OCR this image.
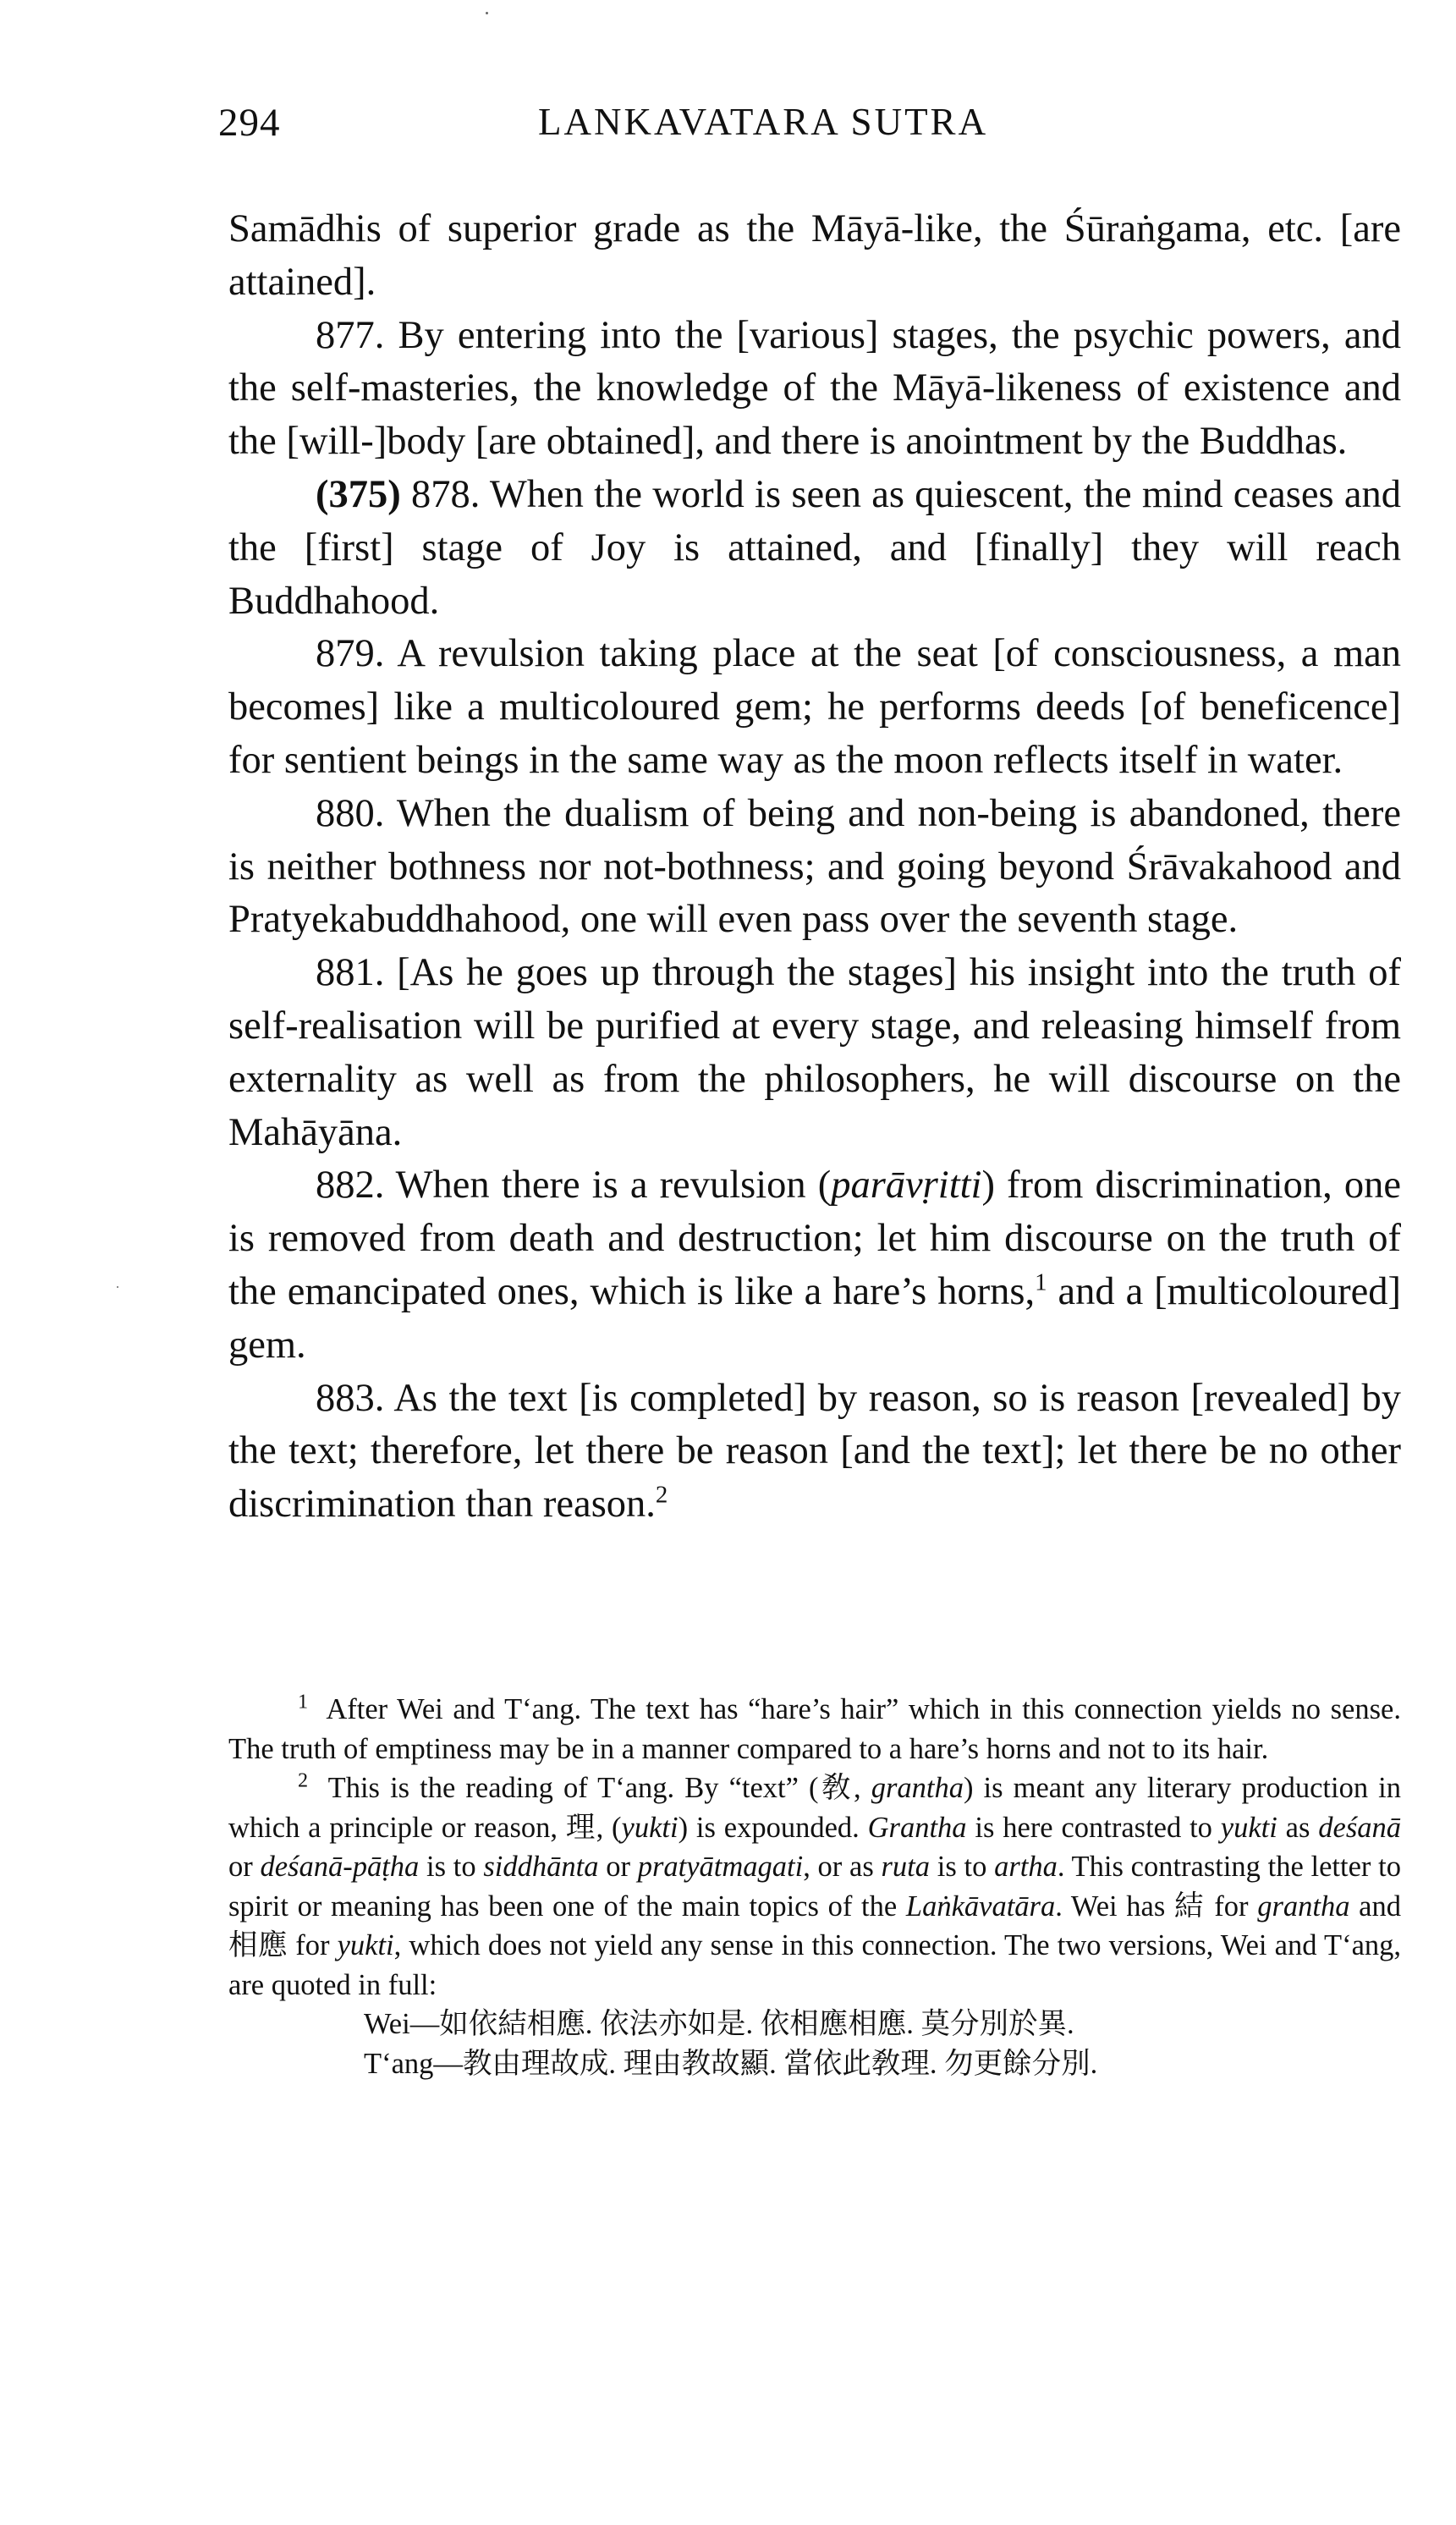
294	LANKAVATARA SUTRA

Samādhis of superior grade as the Māyā-like, the Śūraṅgama, etc. [are attained].

877. By entering into the [various] stages, the psychic powers, and the self-masteries, the knowledge of the Māyā-likeness of existence and the [will-]body [are obtained], and there is anointment by the Buddhas.

(375) 878. When the world is seen as quiescent, the mind ceases and the [first] stage of Joy is attained, and [finally] they will reach Buddhahood.

879. A revulsion taking place at the seat [of consciousness, a man becomes] like a multicoloured gem; he performs deeds [of beneficence] for sentient beings in the same way as the moon reflects itself in water.

880. When the dualism of being and non-being is abandoned, there is neither bothness nor not-bothness; and going beyond Śrāvakahood and Pratyekabuddhahood, one will even pass over the seventh stage.

881. [As he goes up through the stages] his insight into the truth of self-realisation will be purified at every stage, and releasing himself from externality as well as from the philosophers, he will discourse on the Mahāyāna.

882. When there is a revulsion (parāvṛitti) from discrimination, one is removed from death and destruction; let him discourse on the truth of the emancipated ones, which is like a hare’s horns,$^1$ and a [multicoloured] gem.

883. As the text [is completed] by reason, so is reason [revealed] by the text; therefore, let there be reason [and the text]; let there be no other discrimination than reason.$^2$

$^1$ After Wei and T‘ang. The text has “hare’s hair” which in this connection yields no sense. The truth of emptiness may be in a manner compared to a hare’s horns and not to its hair.

$^2$ This is the reading of T‘ang. By “text” (敎, grantha) is meant any literary production in which a principle or reason, 理, (yukti) is expounded. Grantha is here contrasted to yukti as deśanā or deśanā-pāṭha is to siddhānta or pratyātmagati, or as ruta is to artha. This contrasting the letter to spirit or meaning has been one of the main topics of the Laṅkāvatāra. Wei has 結 for grantha and 相應 for yukti, which does not yield any sense in this connection. The two versions, Wei and T‘ang, are quoted in full:

Wei—如依結相應. 依法亦如是. 依相應相應. 莫分別於異.

T‘ang—教由理故成. 理由教故顯. 當依此敎理. 勿更餘分別.
